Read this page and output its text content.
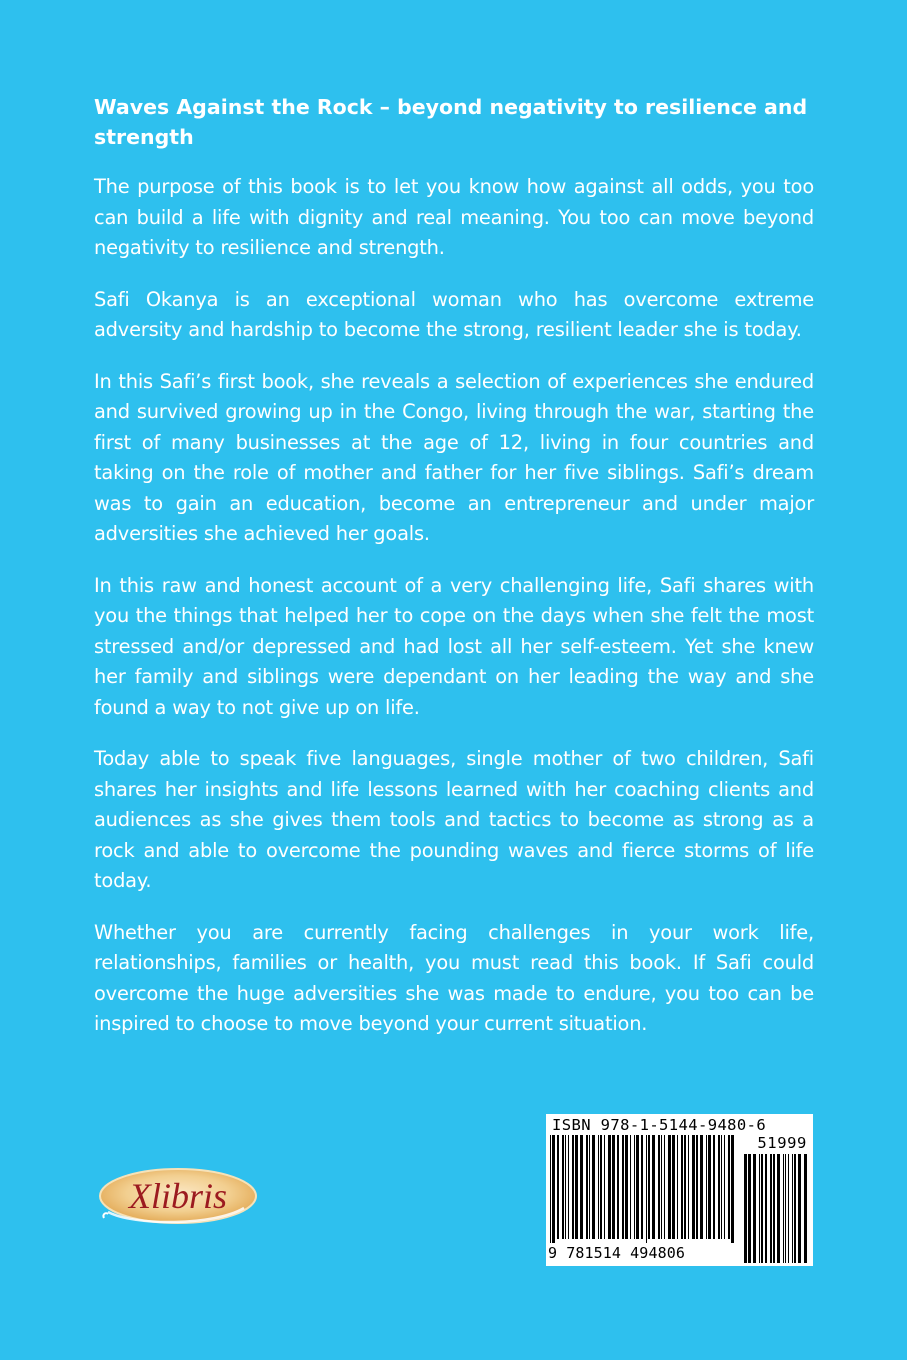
Waves Against the Rock – beyond negativity to resilience and strength

The purpose of this book is to let you know how against all odds, you too can build a life with dignity and real meaning. You too can move beyond negativity to resilience and strength.

Safi Okanya is an exceptional woman who has overcome extreme adversity and hardship to become the strong, resilient leader she is today.

In this Safi’s first book, she reveals a selection of experiences she endured and survived growing up in the Congo, living through the war, starting the first of many businesses at the age of 12, living in four countries and taking on the role of mother and father for her five siblings. Safi’s dream was to gain an education, become an entrepreneur and under major adversities she achieved her goals.

In this raw and honest account of a very challenging life, Safi shares with you the things that helped her to cope on the days when she felt the most stressed and/or depressed and had lost all her self-esteem. Yet she knew her family and siblings were dependant on her leading the way and she found a way to not give up on life.

Today able to speak five languages, single mother of two children, Safi shares her insights and life lessons learned with her coaching clients and audiences as she gives them tools and tactics to become as strong as a rock and able to overcome the pounding waves and fierce storms of life today.

Whether you are currently facing challenges in your work life, relationships, families or health, you must read this book. If Safi could overcome the huge adversities she was made to endure, you too can be inspired to choose to move beyond your current situation.

Xlibris
ISBN 978-1-5144-9480-6
51999
9 781514 494806
